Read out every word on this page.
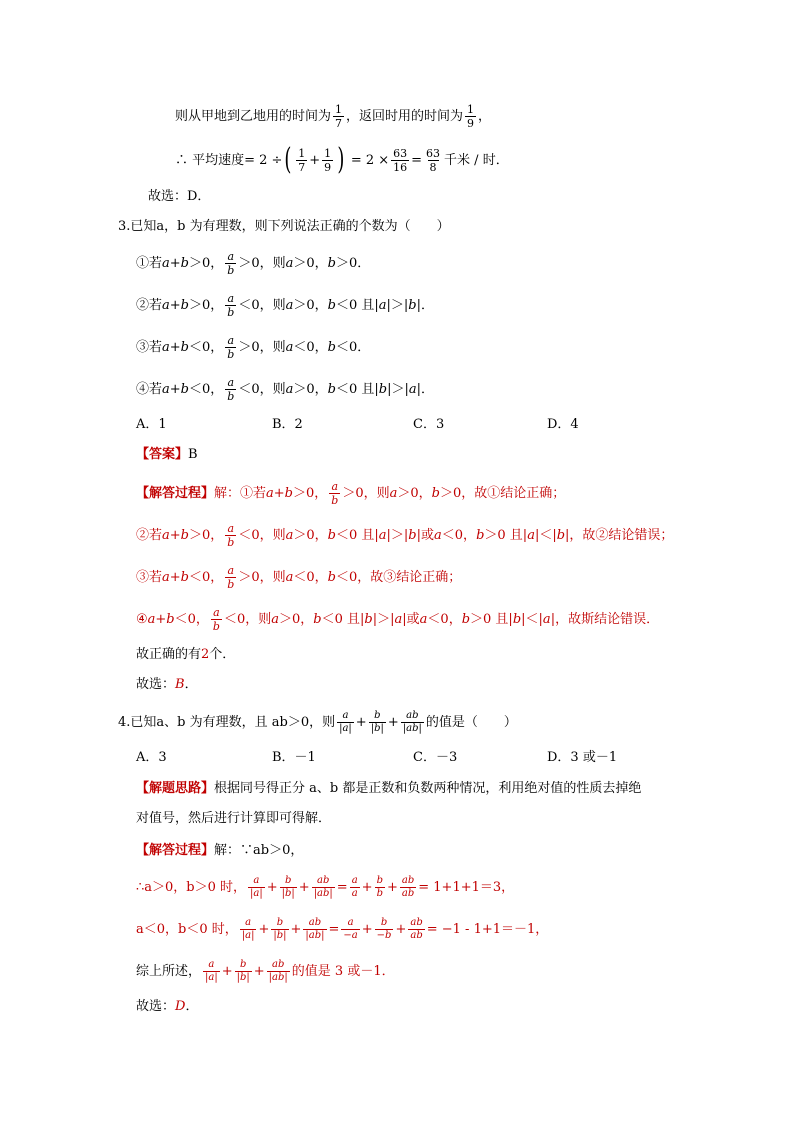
则从甲地到乙地用的时间为 $\frac{1}{7}$ ，返回时用的时间为 $\frac{1}{9}$ ，
∴ 平均速度= 2 ÷ ( $\frac{1}{7} + \frac{1}{9}$ ) = $2 \times \frac{63}{16} = \frac{63}{8}$ 千米 / 时．
故选：D．
3.已知a，b 为有理数，则下列说法正确的个数为（　　）
①若 a+b ＞0， $\frac{a}{b} >0$，则 a ＞0， b ＞0．
②若 a+b ＞0， $\frac{a}{b} <0$，则 a ＞0， b ＜0 且| a |＞| b |．
③若 a+b ＜0， $\frac{a}{b} >0$，则 a ＜0， b ＜0．
④若 a+b ＜0， $\frac{a}{b} <0$，则 a ＞0， b ＜0 且| b |＞| a |．
A．1	B．2	C．3	D．4
【答案】 B
【解答过程】 解：①若 a+b ＞0， $\frac{a}{b} >0$，则 a ＞0， b ＞0，故①结论正确；
②若 a+b ＞0， $\frac{a}{b} <0$，则 a ＞0， b ＜0 且| a |＞| b |或 a ＜0， b ＞0 且| a |＜| b |，故②结论错误；
③若 a+b ＜0， $\frac{a}{b} >0$，则 a ＜0， b ＜0，故③结论正确；
④ a+b ＜0， $\frac{a}{b} <0$，则 a ＞0， b ＜0 且| b |＞| a |或 a ＜0， b ＞0 且| b |＜| a |，故斯结论错误．
故正确的有 2 个．
故选： B ．
4.已知a、b 为有理数，且 ab＞0，则 $\frac{a}{|a|} + \frac{b}{|b|} + \frac{ab}{|ab|}$ 的值是（　　）
A．3	B．－1	C．－3	D．3 或－1
【解题思路】 根据同号得正分 a、b 都是正数和负数两种情况，利用绝对值的性质去掉绝
对值号，然后进行计算即可得解．
【解答过程】 解：∵ab＞0，
∴a＞0，b＞0 时， $\frac{a}{|a|} + \frac{b}{|b|} + \frac{ab}{|ab|} = \frac{a}{a} + \frac{b}{b} + \frac{ab}{ab} = 1+1+1=3$，
a＜0，b＜0 时， $\frac{a}{|a|} + \frac{b}{|b|} + \frac{ab}{|ab|} = \frac{a}{-a} + \frac{b}{-b} + \frac{ab}{ab} = -1 - 1+1=-1$，
综上所述， $\frac{a}{|a|} + \frac{b}{|b|} + \frac{ab}{|ab|}$ 的值是 3 或－1．
故选： D ．
